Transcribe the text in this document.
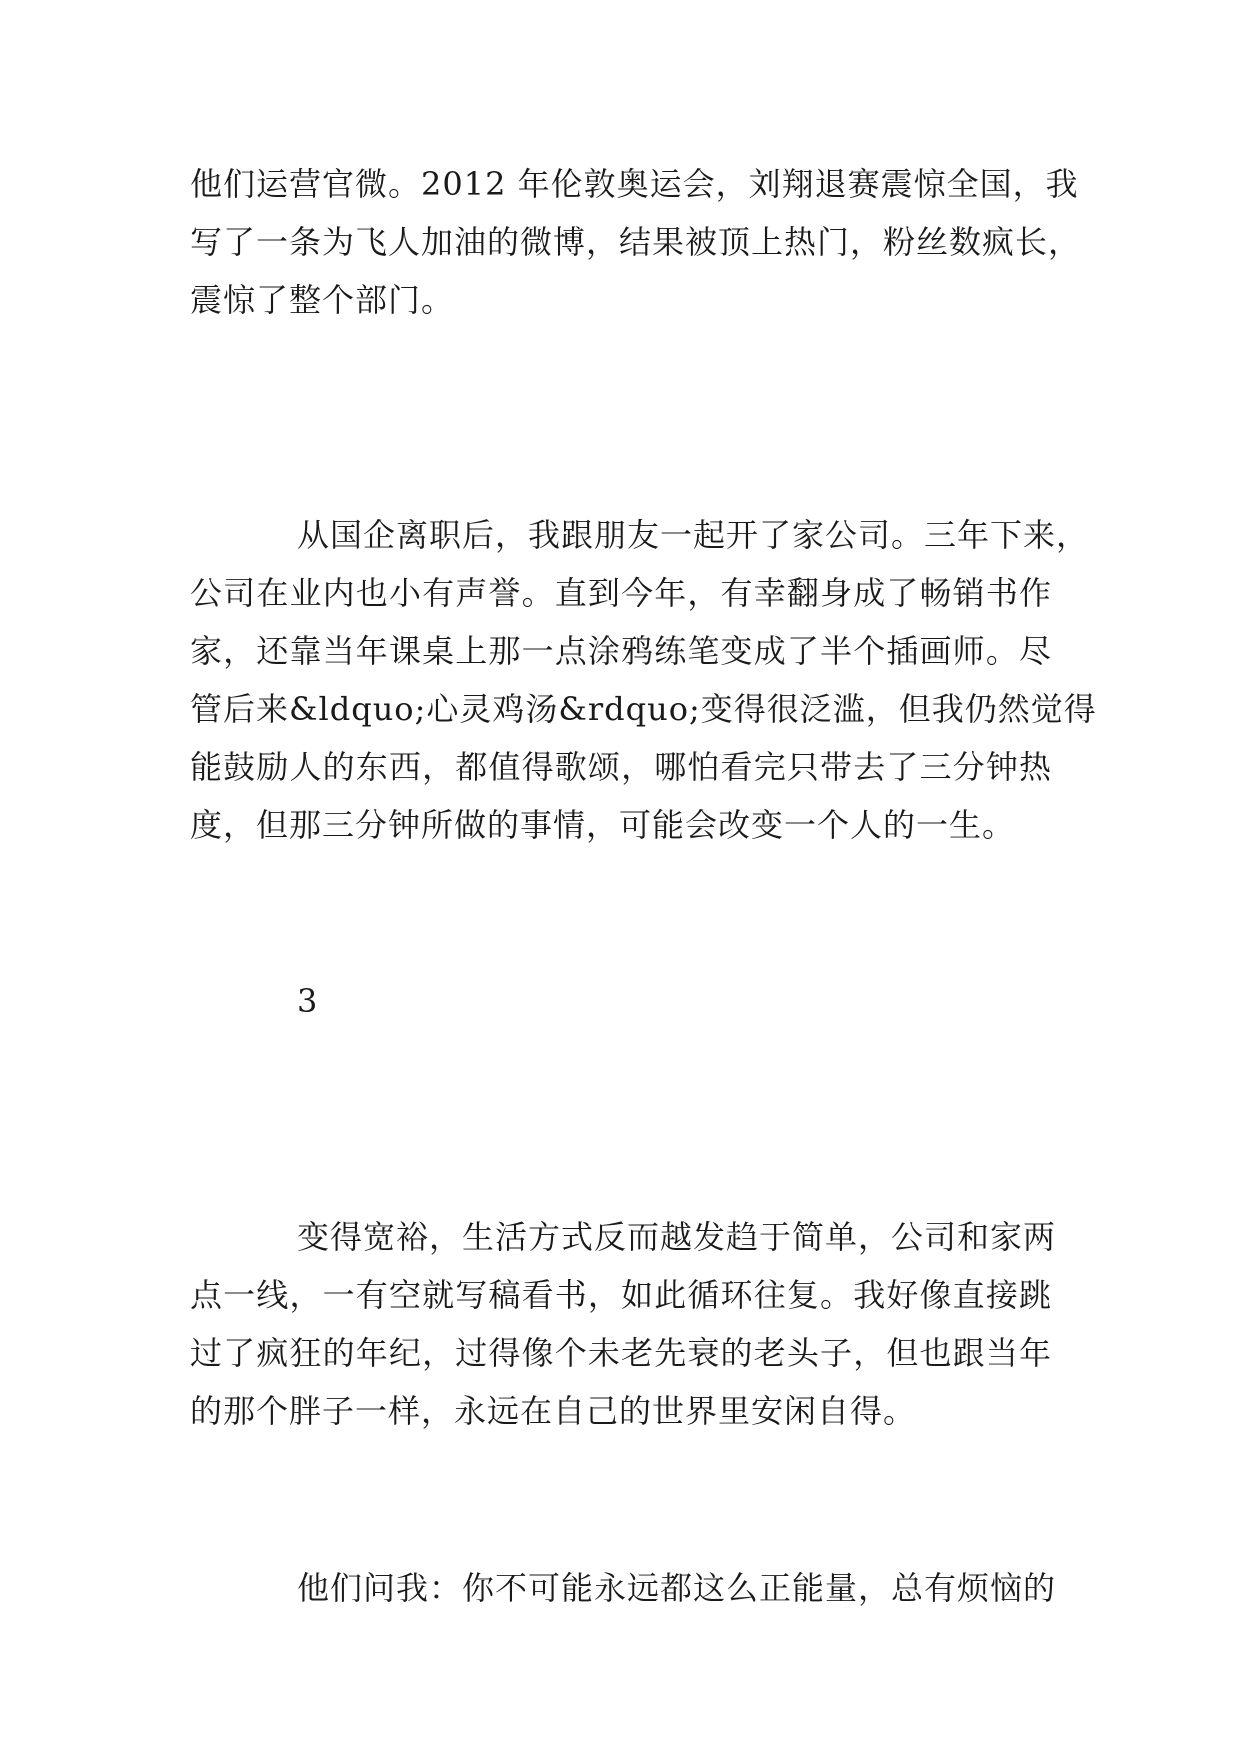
他们运营官微。2012 年伦敦奥运会，刘翔退赛震惊全国，我

写了一条为飞人加油的微博，结果被顶上热门，粉丝数疯长，

震惊了整个部门。

从国企离职后，我跟朋友一起开了家公司。三年下来，

公司在业内也小有声誉。直到今年，有幸翻身成了畅销书作

家，还靠当年课桌上那一点涂鸦练笔变成了半个插画师。尽

管后来&ldquo;心灵鸡汤&rdquo;变得很泛滥，但我仍然觉得

能鼓励人的东西，都值得歌颂，哪怕看完只带去了三分钟热

度，但那三分钟所做的事情，可能会改变一个人的一生。

3

变得宽裕，生活方式反而越发趋于简单，公司和家两

点一线，一有空就写稿看书，如此循环往复。我好像直接跳

过了疯狂的年纪，过得像个未老先衰的老头子，但也跟当年

的那个胖子一样，永远在自己的世界里安闲自得。

他们问我：你不可能永远都这么正能量，总有烦恼的
